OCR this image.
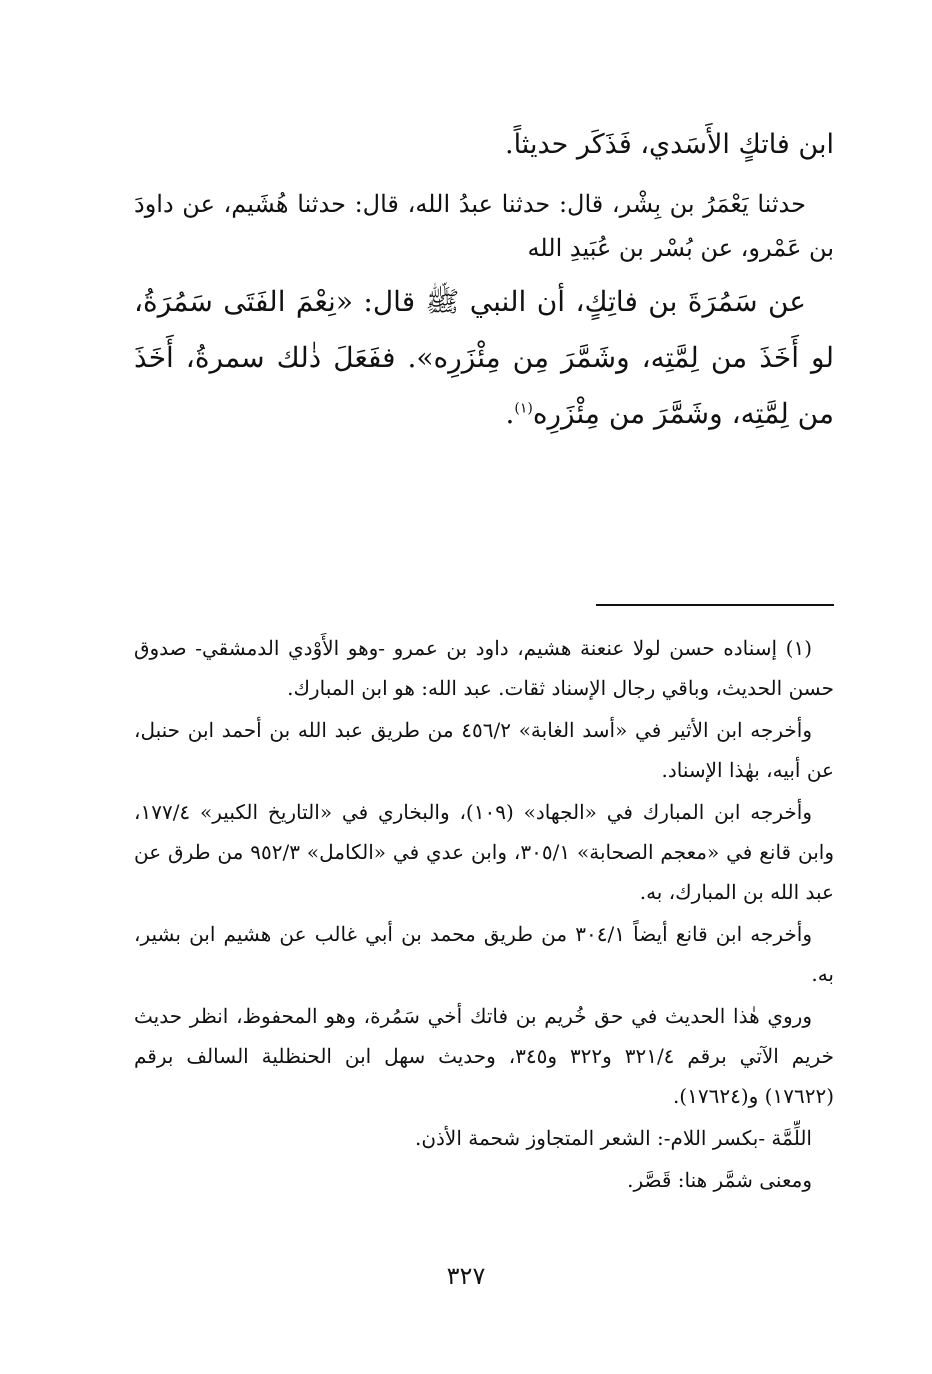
ابن فاتكٍ الأَسَدي، فَذَكَر حديثاً.

حدثنا يَعْمَرُ بن بِشْر، قال: حدثنا عبدُ الله، قال: حدثنا هُشَيم، عن داودَ بن عَمْرو، عن بُسْر بن عُبَيدِ الله

عن سَمُرَةَ بن فاتِكٍ، أن النبي ﷺ قال: «نِعْمَ الفَتَى سَمُرَةُ، لو أَخَذَ من لِمَّتِه، وشَمَّرَ مِن مِئْزَرِه». ففَعَلَ ذٰلك سمرةُ، أَخَذَ من لِمَّتِه، وشَمَّرَ من مِئْزَرِه$^{(١)}$.

(١) إسناده حسن لولا عنعنة هشيم، داود بن عمرو -وهو الأَوْدي الدمشقي- صدوق حسن الحديث، وباقي رجال الإسناد ثقات. عبد الله: هو ابن المبارك.

وأخرجه ابن الأثير في «أسد الغابة» ٤٥٦/٢ من طريق عبد الله بن أحمد ابن حنبل، عن أبيه، بهٰذا الإسناد.

وأخرجه ابن المبارك في «الجهاد» (١٠٩)، والبخاري في «التاريخ الكبير» ١٧٧/٤، وابن قانع في «معجم الصحابة» ٣٠٥/١، وابن عدي في «الكامل» ٩٥٢/٣ من طرق عن عبد الله بن المبارك، به.

وأخرجه ابن قانع أيضاً ٣٠٤/١ من طريق محمد بن أبي غالب عن هشيم ابن بشير، به.

وروي هٰذا الحديث في حق خُريم بن فاتك أخي سَمُرة، وهو المحفوظ، انظر حديث خريم الآتي برقم ٣٢١/٤ و٣٢٢ و٣٤٥، وحديث سهل ابن الحنظلية السالف برقم (١٧٦٢٢) و(١٧٦٢٤).

اللِّمَّة -بكسر اللام-: الشعر المتجاوز شحمة الأذن.

ومعنى شمَّر هنا: قَصَّر.

٣٢٧
